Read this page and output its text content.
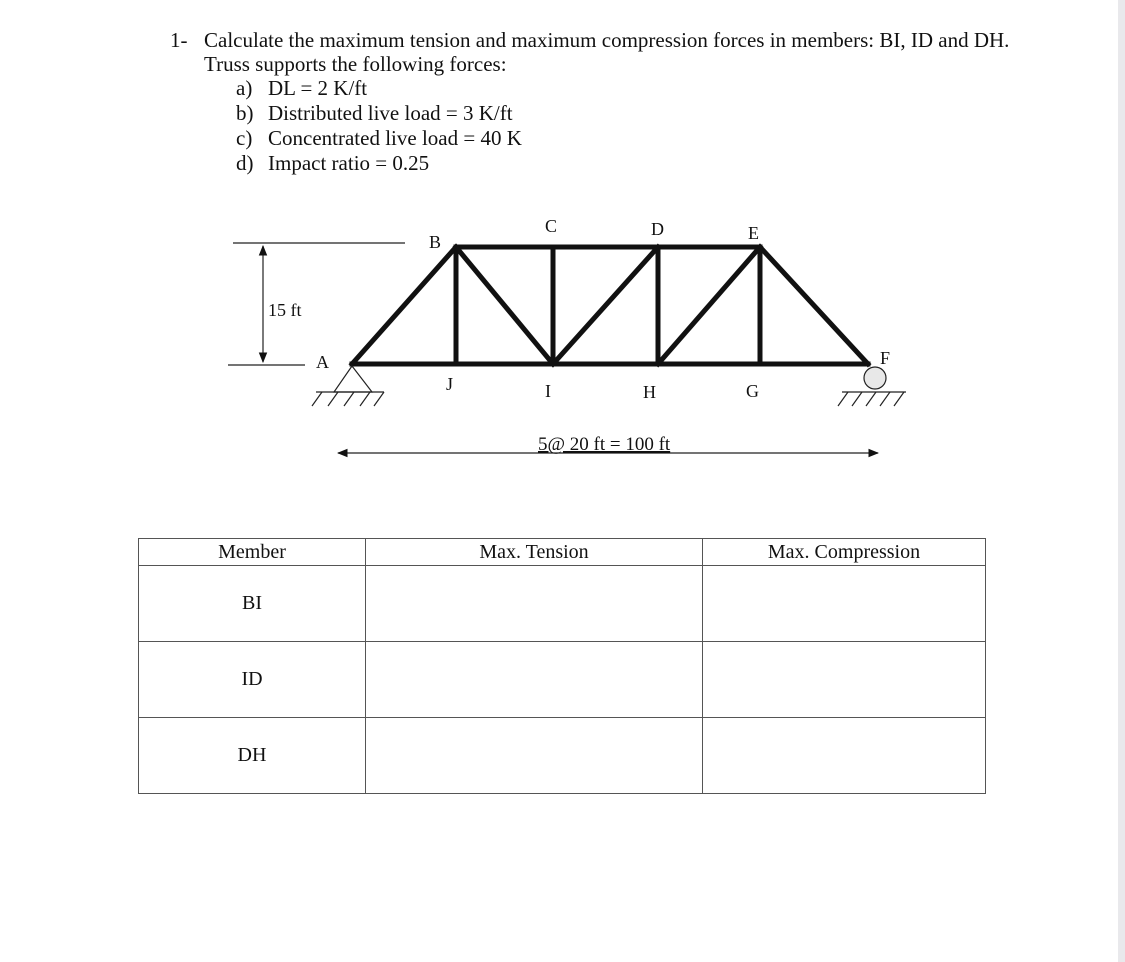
1- Calculate the maximum tension and maximum compression forces in members: BI, ID and DH. Truss supports the following forces:
a) DL = 2 K/ft
b) Distributed live load = 3 K/ft
c) Concentrated live load = 40 K
d) Impact ratio = 0.25
15 ft
A
B
C	D	E
F
J	I	H	G
5@ 20 ft = 100 ft
Member	Max. Tension	Max. Compression
BI		
ID		
DH		
